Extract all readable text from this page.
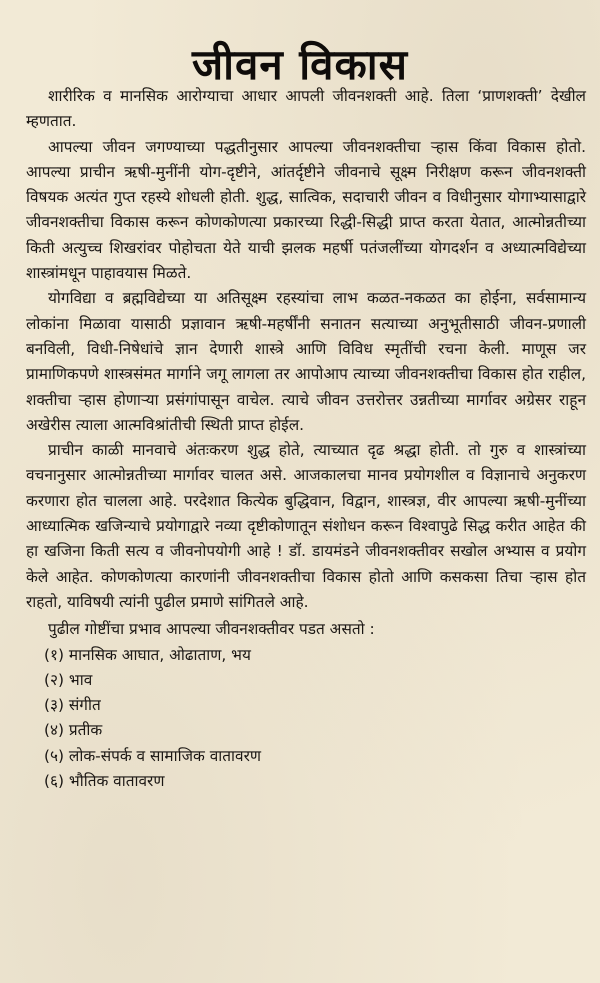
जीवन विकास

शारीरिक व मानसिक आरोग्याचा आधार आपली जीवनशक्ती आहे. तिला ‘प्राणशक्ती’ देखील म्हणतात.

आपल्या जीवन जगण्याच्या पद्धतीनुसार आपल्या जीवनशक्तीचा ऱ्हास किंवा विकास होतो. आपल्या प्राचीन ऋषी-मुनींनी योग-दृष्टीने, आंतर्दृष्टीने जीवनाचे सूक्ष्म निरीक्षण करून जीवनशक्ती विषयक अत्यंत गुप्त रहस्ये शोधली होती. शुद्ध, सात्विक, सदाचारी जीवन व विधीनुसार योगाभ्यासाद्वारे जीवनशक्तीचा विकास करून कोणकोणत्या प्रकारच्या रिद्धी-सिद्धी प्राप्त करता येतात, आत्मोन्नतीच्या किती अत्युच्च शिखरांवर पोहोचता येते याची झलक महर्षी पतंजलींच्या योगदर्शन व अध्यात्मविद्येच्या शास्त्रांमधून पाहावयास मिळते.

योगविद्या व ब्रह्मविद्येच्या या अतिसूक्ष्म रहस्यांचा लाभ कळत-नकळत का होईना, सर्वसामान्य लोकांना मिळावा यासाठी प्रज्ञावान ऋषी-महर्षींनी सनातन सत्याच्या अनुभूतीसाठी जीवन-प्रणाली बनविली, विधी-निषेधांचे ज्ञान देणारी शास्त्रे आणि विविध स्मृतींची रचना केली. माणूस जर प्रामाणिकपणे शास्त्रसंमत मार्गाने जगू लागला तर आपोआप त्याच्या जीवनशक्तीचा विकास होत राहील, शक्तीचा ऱ्हास होणाऱ्या प्रसंगांपासून वाचेल. त्याचे जीवन उत्तरोत्तर उन्नतीच्या मार्गावर अग्रेसर राहून अखेरीस त्याला आत्मविश्रांतीची स्थिती प्राप्त होईल.

प्राचीन काळी मानवाचे अंतःकरण शुद्ध होते, त्याच्यात दृढ श्रद्धा होती. तो गुरु व शास्त्रांच्या वचनानुसार आत्मोन्नतीच्या मार्गावर चालत असे. आजकालचा मानव प्रयोगशील व विज्ञानाचे अनुकरण करणारा होत चालला आहे. परदेशात कित्येक बुद्धिवान, विद्वान, शास्त्रज्ञ, वीर आपल्या ऋषी-मुनींच्या आध्यात्मिक खजिन्याचे प्रयोगाद्वारे नव्या दृष्टीकोणातून संशोधन करून विश्वापुढे सिद्ध करीत आहेत की हा खजिना किती सत्य व जीवनोपयोगी आहे ! डॉ. डायमंडने जीवनशक्तीवर सखोल अभ्यास व प्रयोग केले आहेत. कोणकोणत्या कारणांनी जीवनशक्तीचा विकास होतो आणि कसकसा तिचा ऱ्हास होत राहतो, याविषयी त्यांनी पुढील प्रमाणे सांगितले आहे.

पुढील गोष्टींचा प्रभाव आपल्या जीवनशक्तीवर पडत असतो :

(१) मानसिक आघात, ओढाताण, भय
(२) भाव
(३) संगीत
(४) प्रतीक
(५) लोक-संपर्क व सामाजिक वातावरण
(६) भौतिक वातावरण
